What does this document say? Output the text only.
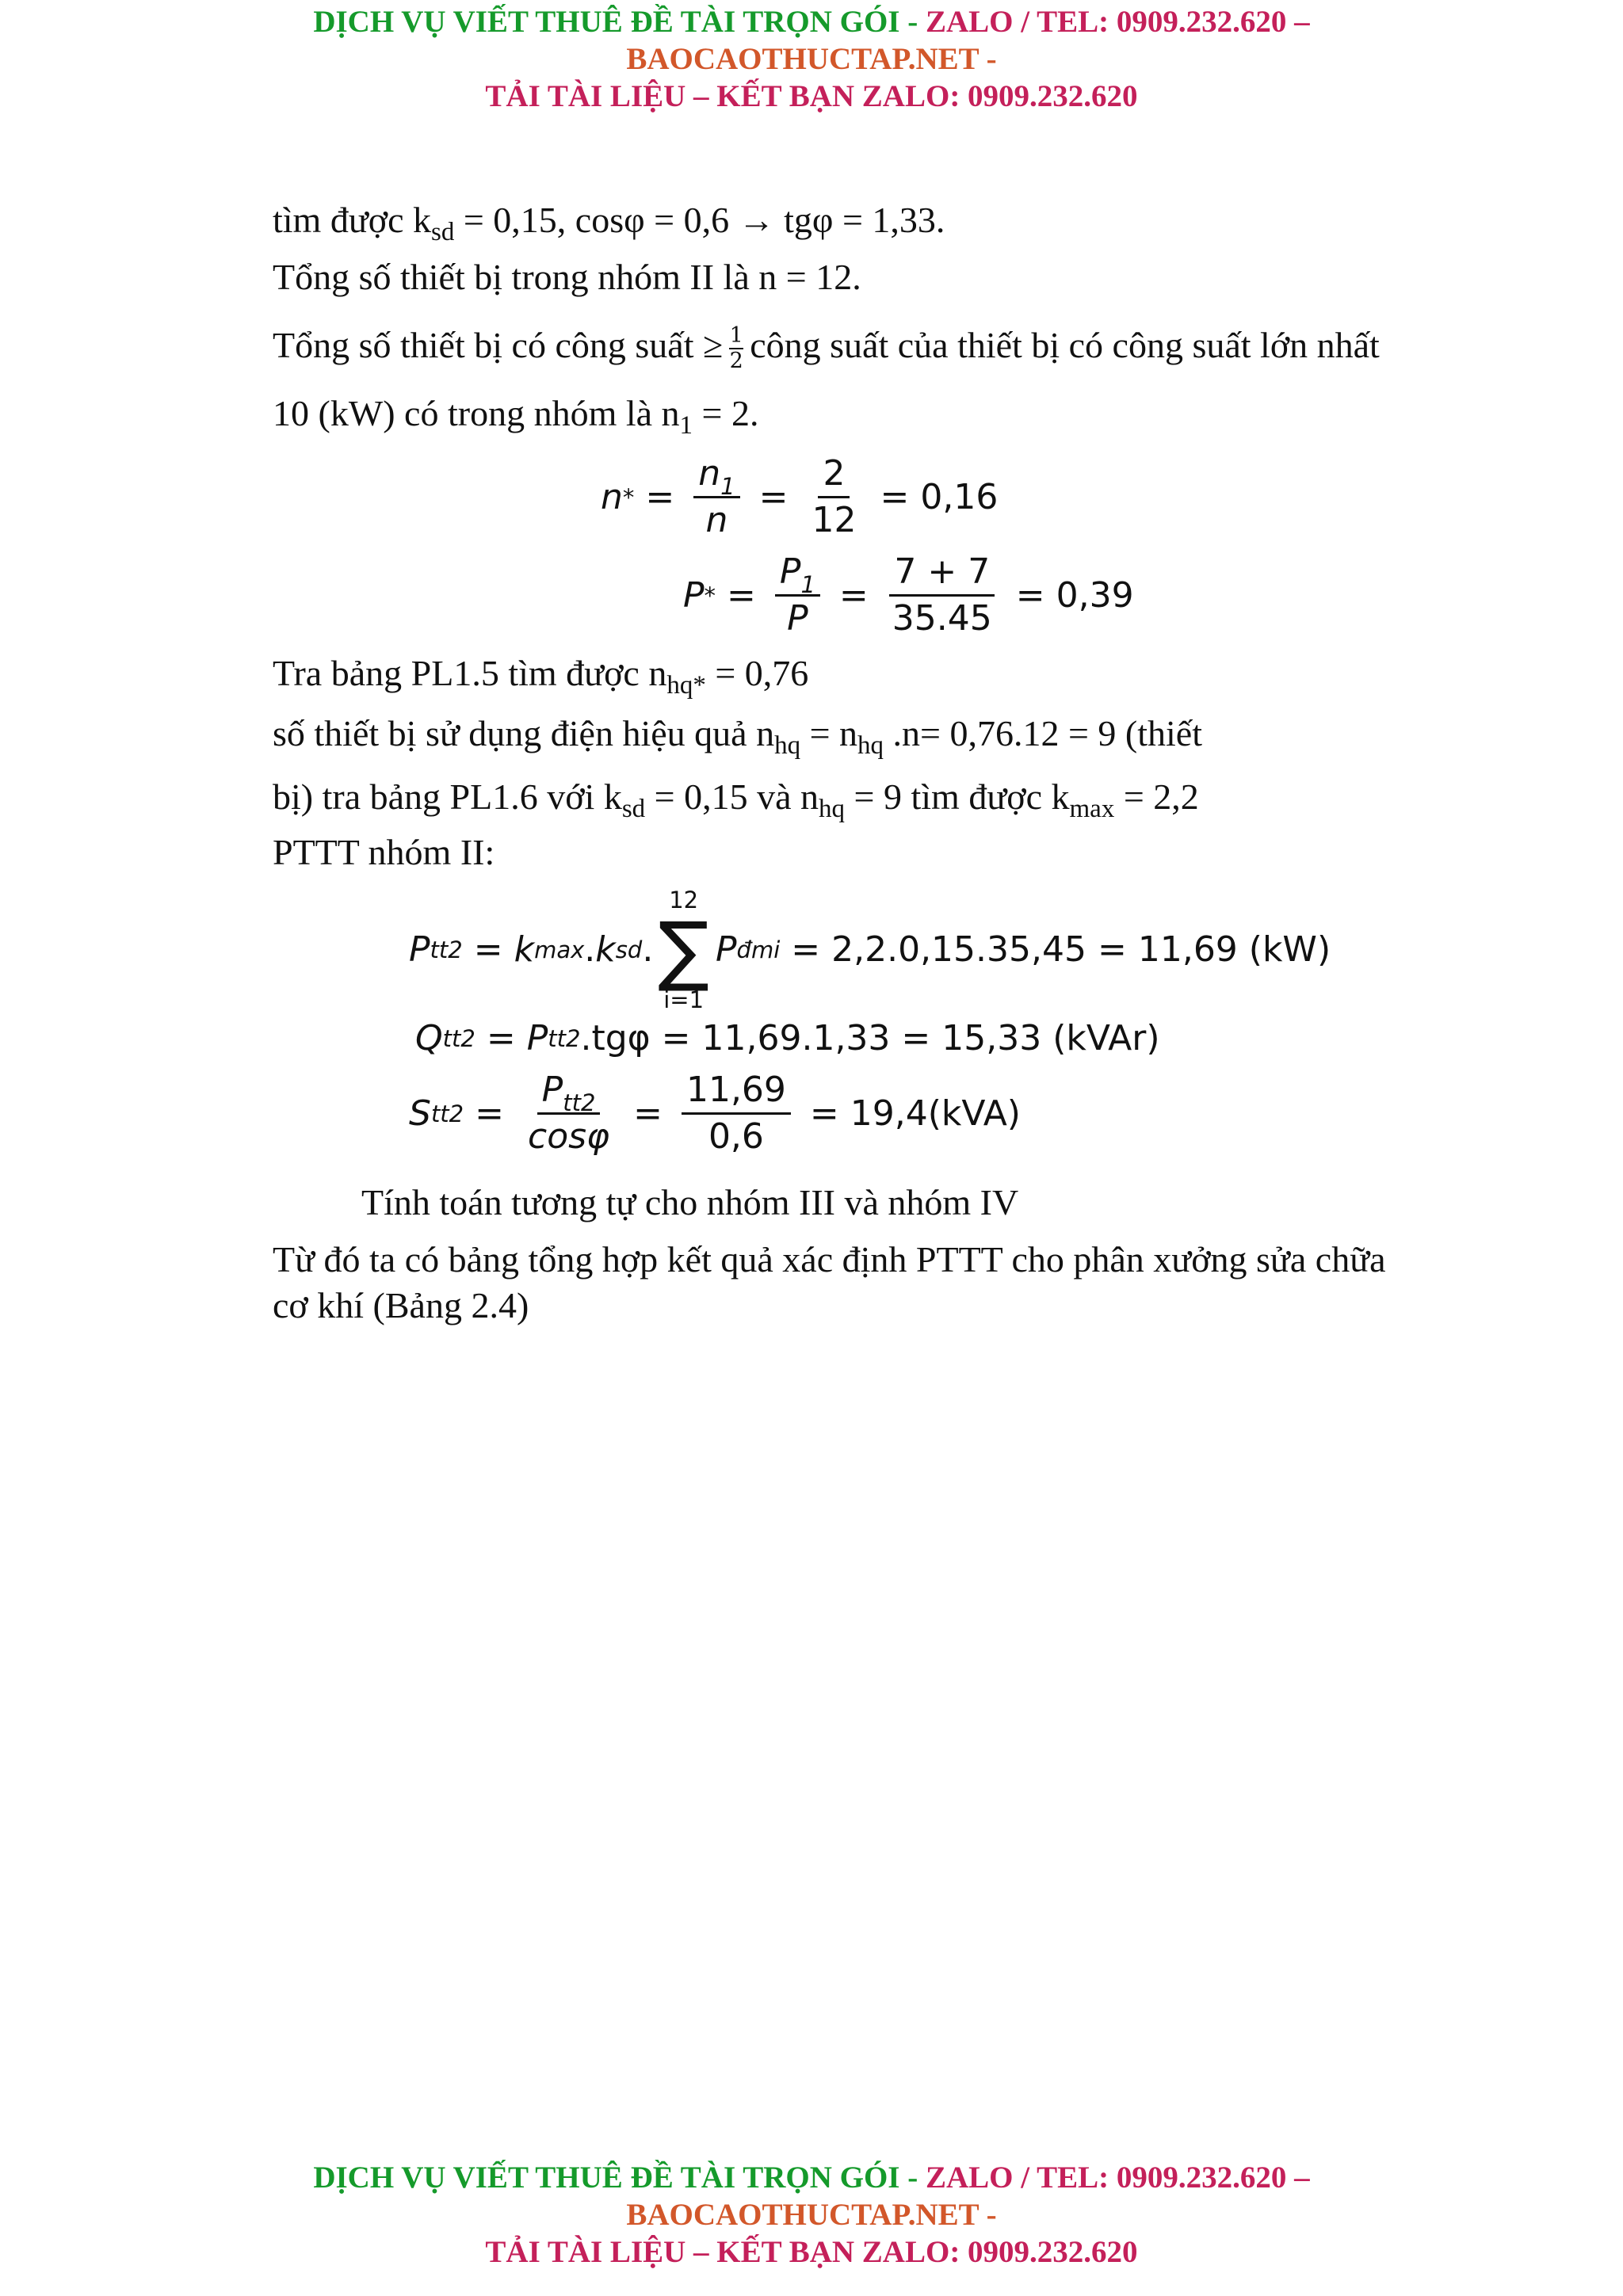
DỊCH VỤ VIẾT THUÊ ĐỀ TÀI TRỌN GÓI - ZALO / TEL: 0909.232.620 –
BAOCAOTHUCTAP.NET -
TẢI TÀI LIỆU – KẾT BẠN ZALO: 0909.232.620
tìm được $k_{sd} = 0,15$, cosφ = 0,6 → tgφ = 1,33.
Tổng số thiết bị trong nhóm II là n = 12.
Tổng số thiết bị có công suất ≥ $\frac{1}{2}$ công suất của thiết bị có công suất lớn nhất
10 (kW) có trong nhóm là $n_1 = 2$.
n * = $\frac{n_1}{n} = \frac{2}{12} = 0,16$
P * = $\frac{P_1}{P} = \frac{7 + 7}{35.45} = 0,39$
Tra bảng PL1.5 tìm được $n_{hq*} = 0,76$
số thiết bị sử dụng điện hiệu quả $n_{hq} = n_{hq}$ .n= 0,76.12 = 9 (thiết
bị) tra bảng PL1.6 với $k_{sd} = 0,15$ và $n_{hq} = 9$ tìm được $k_{max} = 2,2$
PTTT nhóm II:
P tt2 = k max . k sd .
12
∑
i=1
P đmi = 2,2.0,15.35,45 = 11,69 (kW)
Q tt2 = P tt2 .tgφ = 11,69.1,33 = 15,33 (kVAr)
S $tt2 = \frac{P_{tt2}}{\cos\varphi} = \frac{11,69}{0,6} = 19,4(kVA)$
Tính toán tương tự cho nhóm III và nhóm IV
Từ đó ta có bảng tổng hợp kết quả xác định PTTT cho phân xưởng sửa chữa
cơ khí (Bảng 2.4)
DỊCH VỤ VIẾT THUÊ ĐỀ TÀI TRỌN GÓI - ZALO / TEL: 0909.232.620 –
BAOCAOTHUCTAP.NET -
TẢI TÀI LIỆU – KẾT BẠN ZALO: 0909.232.620
